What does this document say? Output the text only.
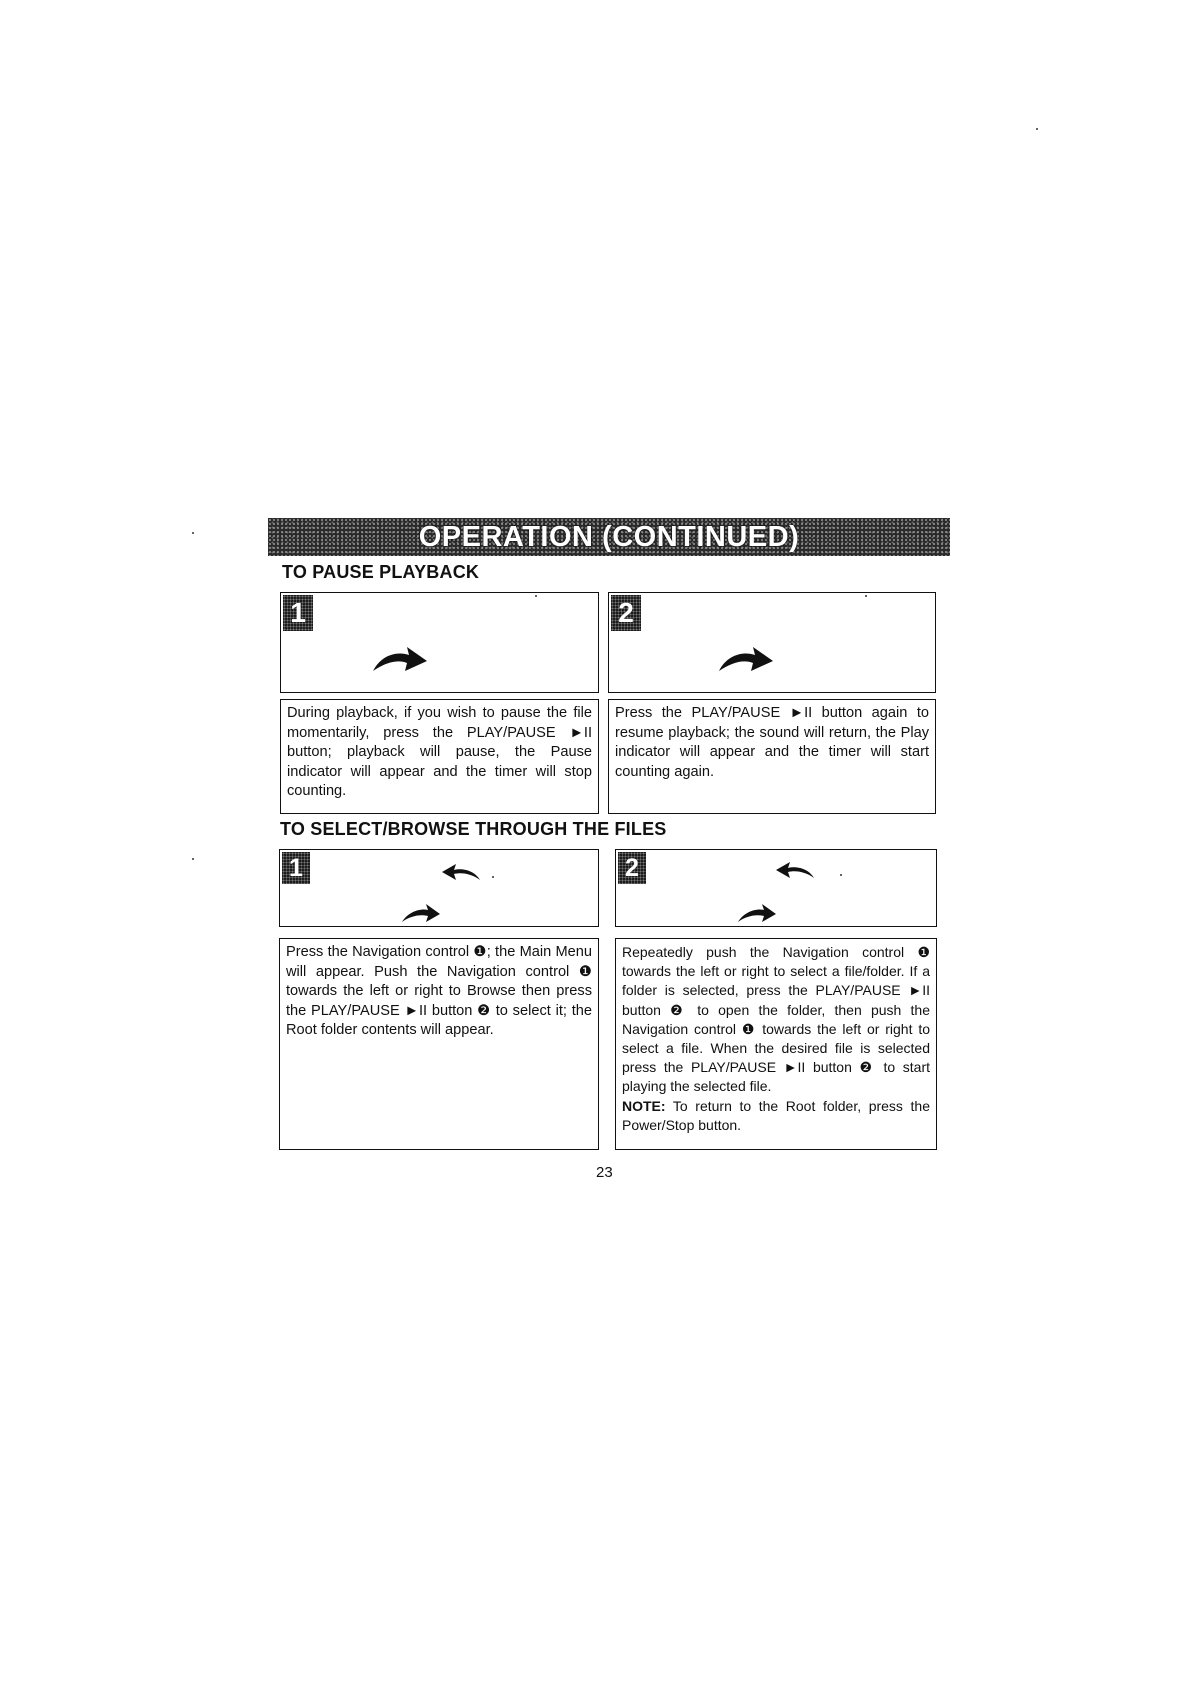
OPERATION (CONTINUED)
TO PAUSE PLAYBACK
1	2

During playback, if you wish to pause the file momentarily, press the PLAY/PAUSE ►II button; playback will pause, the Pause indicator will appear and the timer will stop counting.

Press the PLAY/PAUSE ►II button again to resume playback; the sound will return, the Play indicator will appear and the timer will start counting again.

TO SELECT/BROWSE THROUGH THE FILES
1	2

Press the Navigation control ❶; the Main Menu will appear. Push the Navigation control ❶ towards the left or right to Browse then press the PLAY/PAUSE ►II button ❷ to select it; the Root folder contents will appear.

Repeatedly push the Navigation control ❶ towards the left or right to select a file/folder. If a folder is selected, press the PLAY/PAUSE ►II button ❷ to open the folder, then push the Navigation control ❶ towards the left or right to select a file. When the desired file is selected press the PLAY/PAUSE ►II button ❷ to start playing the selected file.
NOTE: To return to the Root folder, press the Power/Stop button.

23
